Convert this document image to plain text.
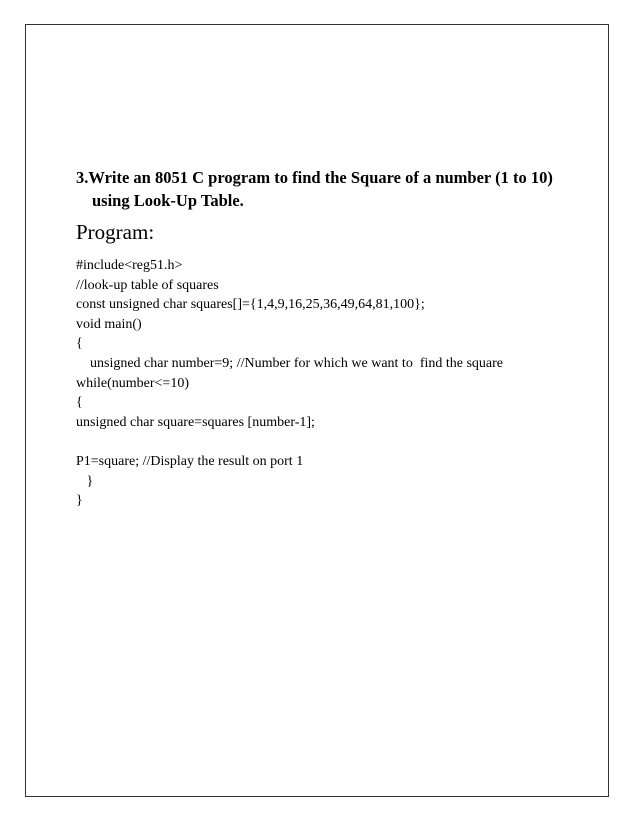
3.Write an 8051 C program to find the Square of a number (1 to 10)
using Look-Up Table.
Program:
#include<reg51.h>
//look-up table of squares
const unsigned char squares[]={1,4,9,16,25,36,49,64,81,100};
void main()
{
unsigned char number=9; //Number for which we want to  find the square
while(number<=10)
{
unsigned char square=squares [number-1];
P1=square; //Display the result on port 1
}
}
